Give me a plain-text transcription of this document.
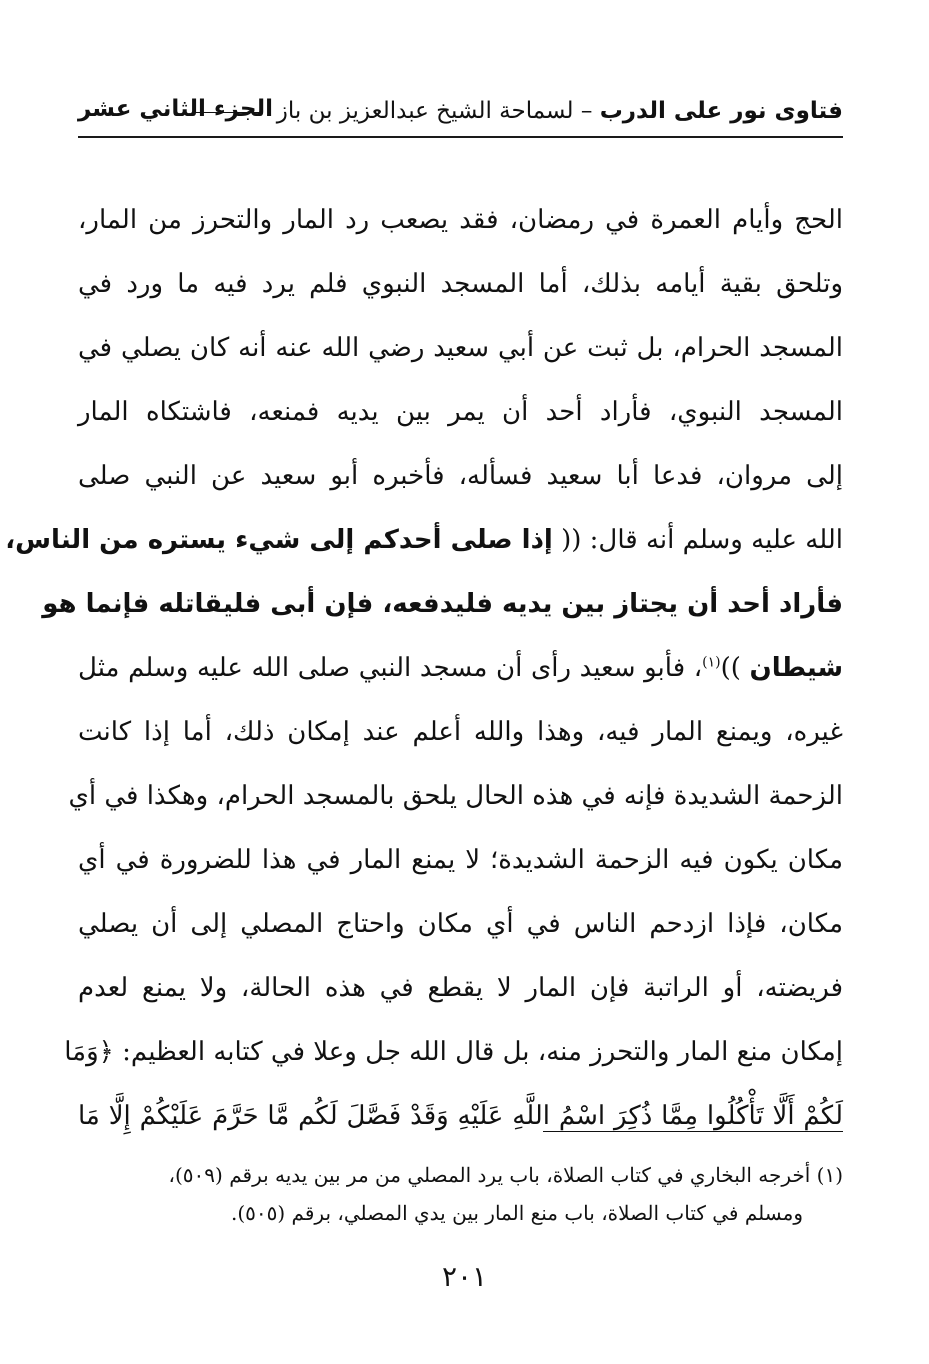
فتاوى نور على الدرب – لسماحة الشيخ عبدالعزيز بن باز
الجزء الثاني عشر
الحج وأيام العمرة في رمضان، فقد يصعب رد المار والتحرز من المار،
وتلحق بقية أيامه بذلك، أما المسجد النبوي فلم يرد فيه ما ورد في
المسجد الحرام، بل ثبت عن أبي سعيد رضي الله عنه أنه كان يصلي في
المسجد النبوي، فأراد أحد أن يمر بين يديه فمنعه، فاشتكاه المار
إلى مروان، فدعا أبا سعيد فسأله، فأخبره أبو سعيد عن النبي صلى
الله عليه وسلم أنه قال: (( إذا صلى أحدكم إلى شيء يستره من الناس،
فأراد أحد أن يجتاز بين يديه فليدفعه، فإن أبى فليقاتله فإنما هو
شيطان ))$^{(١)}$، فأبو سعيد رأى أن مسجد النبي صلى الله عليه وسلم مثل
غيره، ويمنع المار فيه، وهذا والله أعلم عند إمكان ذلك، أما إذا كانت
الزحمة الشديدة فإنه في هذه الحال يلحق بالمسجد الحرام، وهكذا في أي
مكان يكون فيه الزحمة الشديدة؛ لا يمنع المار في هذا للضرورة في أي
مكان، فإذا ازدحم الناس في أي مكان واحتاج المصلي إلى أن يصلي
فريضته، أو الراتبة فإن المار لا يقطع في هذه الحالة، ولا يمنع لعدم
إمكان منع المار والتحرز منه، بل قال الله جل وعلا في كتابه العظيم: ﴿وَمَا
لَكُمْ أَلَّا تَأْكُلُوا مِمَّا ذُكِرَ اسْمُ اللَّهِ عَلَيْهِ وَقَدْ فَصَّلَ لَكُم مَّا حَرَّمَ عَلَيْكُمْ إِلَّا مَا
(١) أخرجه البخاري في كتاب الصلاة، باب يرد المصلي من مر بين يديه برقم (٥٠٩)،
ومسلم في كتاب الصلاة، باب منع المار بين يدي المصلي، برقم (٥٠٥).
٢٠١
